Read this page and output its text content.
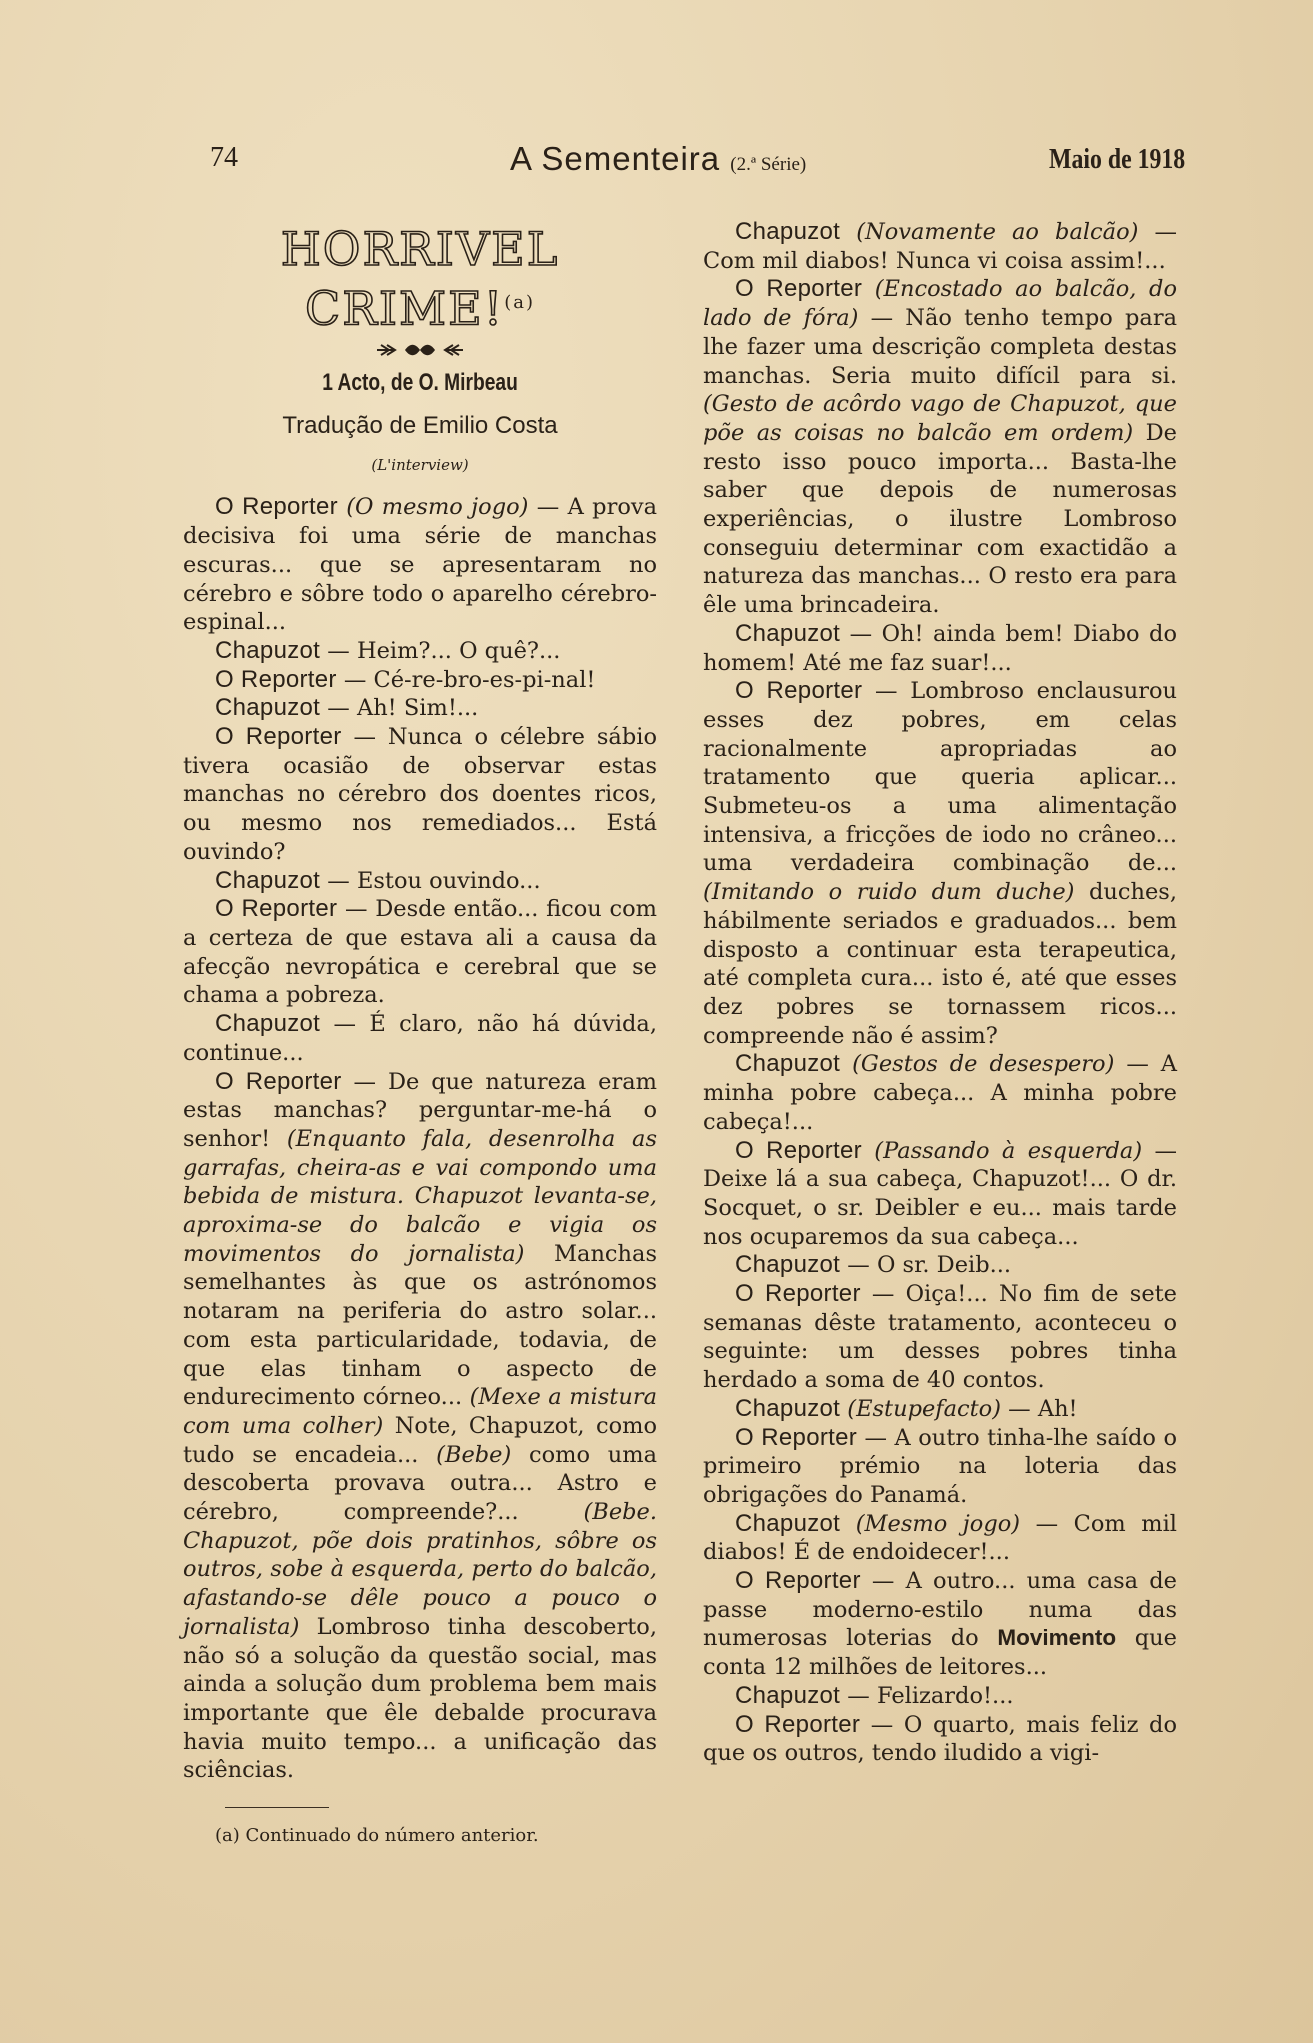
74	A Sementeira (2.ª Série)	Maio de 1918
HORRIVEL CRIME!$^{(a)}$
1 Acto, de O. Mirbeau
Tradução de Emilio Costa
(L'interview)

O Reporter (O mesmo jogo) — A prova decisiva foi uma série de manchas escuras... que se apresentaram no cérebro e sôbre todo o aparelho cérebro-espinal...

Chapuzot — Heim?... O quê?...

O Reporter — Cé-re-bro-es-pi-nal!

Chapuzot — Ah! Sim!...

O Reporter — Nunca o célebre sábio tivera ocasião de observar estas manchas no cérebro dos doentes ricos, ou mesmo nos remediados... Está ouvindo?

Chapuzot — Estou ouvindo...

O Reporter — Desde então... ficou com a certeza de que estava ali a causa da afecção nevropática e cerebral que se chama a pobreza.

Chapuzot — É claro, não há dúvida, continue...

O Reporter — De que natureza eram estas manchas? perguntar-me-há o senhor! (Enquanto fala, desenrolha as garrafas, cheira-as e vai compondo uma bebida de mistura. Chapuzot levanta-se, aproxima-se do balcão e vigia os movimentos do jornalista) Manchas semelhantes às que os astrónomos notaram na periferia do astro solar... com esta particularidade, todavia, de que elas tinham o aspecto de endurecimento córneo... (Mexe a mistura com uma colher) Note, Chapuzot, como tudo se encadeia... (Bebe) como uma descoberta provava outra... Astro e cérebro, compreende?... (Bebe. Chapuzot, põe dois pratinhos, sôbre os outros, sobe à esquerda, perto do balcão, afastando-se dêle pouco a pouco o jornalista) Lombroso tinha descoberto, não só a solução da questão social, mas ainda a solução dum problema bem mais importante que êle debalde procurava havia muito tempo... a unificação das sciências.

(a) Continuado do número anterior.

Chapuzot (Novamente ao balcão) — Com mil diabos! Nunca vi coisa assim!...

O Reporter (Encostado ao balcão, do lado de fóra) — Não tenho tempo para lhe fazer uma descrição completa destas manchas. Seria muito difícil para si. (Gesto de acôrdo vago de Chapuzot, que põe as coisas no balcão em ordem) De resto isso pouco importa... Basta-lhe saber que depois de numerosas experiências, o ilustre Lombroso conseguiu determinar com exactidão a natureza das manchas... O resto era para êle uma brincadeira.

Chapuzot — Oh! ainda bem! Diabo do homem! Até me faz suar!...

O Reporter — Lombroso enclausurou esses dez pobres, em celas racionalmente apropriadas ao tratamento que queria aplicar... Submeteu-os a uma alimentação intensiva, a fricções de iodo no crâneo... uma verdadeira combinação de... (Imitando o ruido dum duche) duches, hábilmente seriados e graduados... bem disposto a continuar esta terapeutica, até completa cura... isto é, até que esses dez pobres se tornassem ricos... compreende não é assim?

Chapuzot (Gestos de desespero) — A minha pobre cabeça... A minha pobre cabeça!...

O Reporter (Passando à esquerda) — Deixe lá a sua cabeça, Chapuzot!... O dr. Socquet, o sr. Deibler e eu... mais tarde nos ocuparemos da sua cabeça...

Chapuzot — O sr. Deib...

O Reporter — Oiça!... No fim de sete semanas dêste tratamento, aconteceu o seguinte: um desses pobres tinha herdado a soma de 40 contos.

Chapuzot (Estupefacto) — Ah!

O Reporter — A outro tinha-lhe saído o primeiro prémio na loteria das obrigações do Panamá.

Chapuzot (Mesmo jogo) — Com mil diabos! É de endoidecer!...

O Reporter — A outro... uma casa de passe moderno-estilo numa das numerosas loterias do Movimento que conta 12 milhões de leitores...

Chapuzot — Felizardo!...

O Reporter — O quarto, mais feliz do que os outros, tendo iludido a vigi-
